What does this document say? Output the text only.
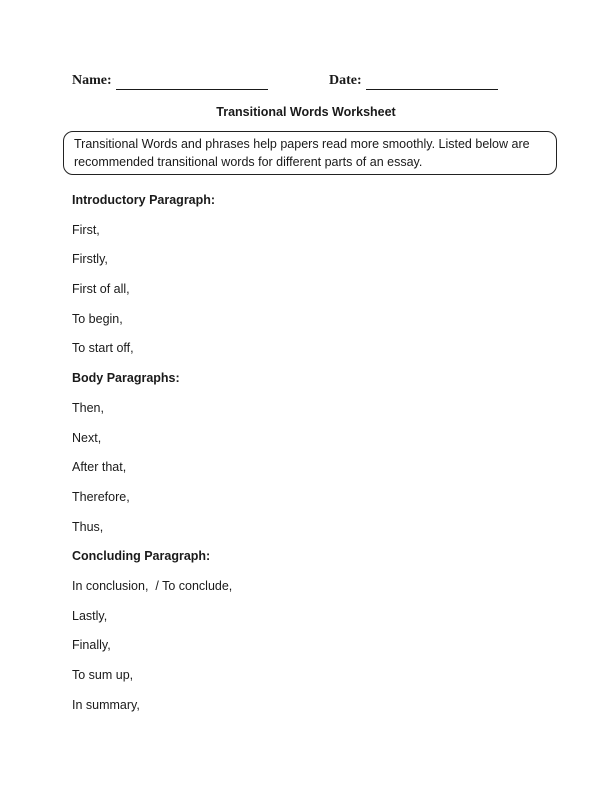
Name:	Date:
Transitional Words Worksheet
Transitional Words and phrases help papers read more smoothly. Listed below are recommended transitional words for different parts of an essay.
Introductory Paragraph:
First,
Firstly,
First of all,
To begin,
To start off,
Body Paragraphs:
Then,
Next,
After that,
Therefore,
Thus,
Concluding Paragraph:
In conclusion,  / To conclude,
Lastly,
Finally,
To sum up,
In summary,
